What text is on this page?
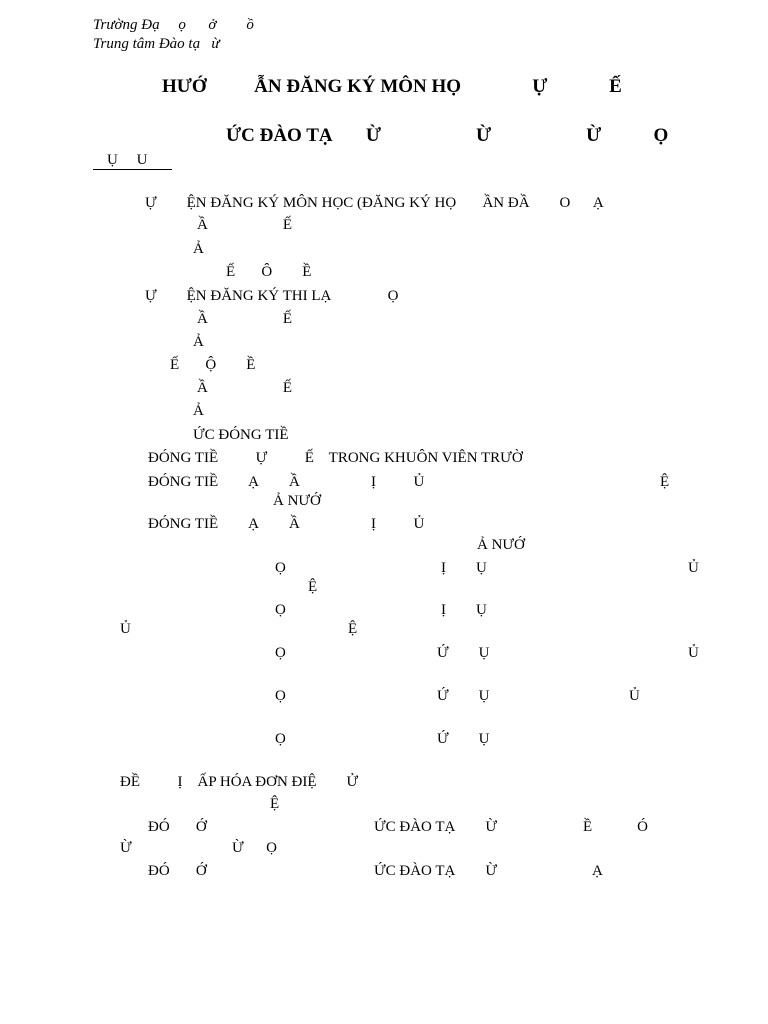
Trường Đạ     ọ      ở        ồ
Trung tâm Đào tạ   ừ
HƯỚ          ẪN ĐĂNG KÝ MÔN HỌ               Ự             Ế
ỨC ĐÀO TẠ       Ừ                    Ừ                    Ừ           Ọ
Ụ     U
Ự        ỆN ĐĂNG KÝ MÔN HỌC (ĐĂNG KÝ HỌ       ẦN ĐẦ        O      Ạ
Ầ                    Ế
Ả
Ế       Ô        Ề
Ự        ỆN ĐĂNG KÝ THI LẠ               Ọ
Ầ                    Ế
Ả
Ế       Ộ        Ề
Ầ                    Ế
Ả
ỨC ĐÓNG TIỀ
ĐÓNG TIỀ          Ự          Ế    TRONG KHUÔN VIÊN TRƯỜ
ĐÓNG TIỀ        Ạ        Ầ                   Ị          Ủ	Ệ
Ả NƯỚ
ĐÓNG TIỀ        Ạ        Ầ                   Ị          Ủ
Ả NƯỚ
Ọ	Ị        Ụ	Ủ
Ệ
Ọ	Ị        Ụ
Ủ	Ệ
Ọ	Ứ        Ụ	Ủ
Ọ	Ứ        Ụ	Ủ
Ọ	Ứ        Ụ
ĐỀ          Ị    ẤP HÓA ĐƠN ĐIỆ        Ử
Ệ
ĐÓ       Ớ	ỨC ĐÀO TẠ        Ừ	Ề            Ó
Ừ	Ừ      Ọ
ĐÓ       Ớ	ỨC ĐÀO TẠ        Ừ	Ạ
